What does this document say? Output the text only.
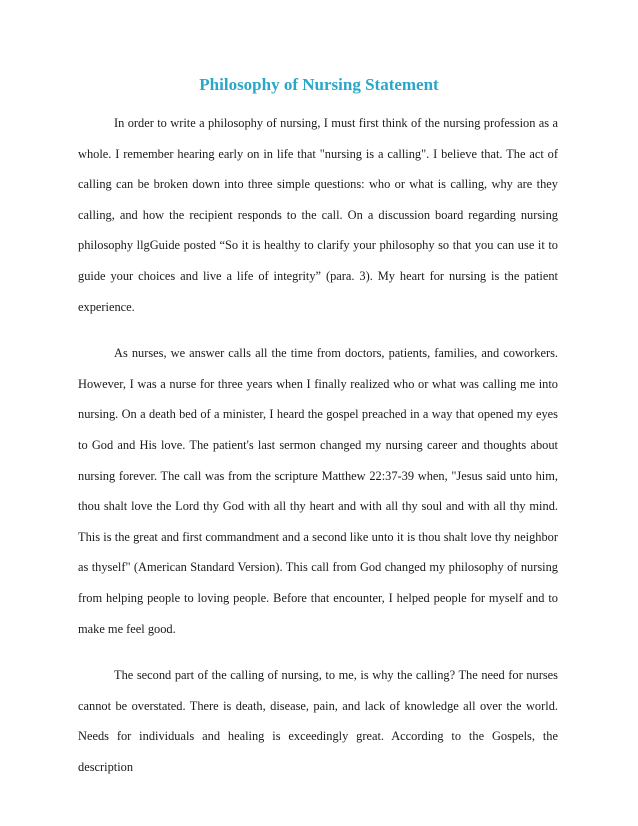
Philosophy of Nursing Statement
In order to write a philosophy of nursing, I must first think of the nursing profession as a
whole. I remember hearing early on in life that "nursing is a calling". I believe that. The act of
calling can be broken down into three simple questions: who or what is calling, why are they
calling, and how the recipient responds to the call. On a discussion board regarding nursing
philosophy llgGuide posted “So it is healthy to clarify your philosophy so that you can use it to
guide your choices and live a life of integrity” (para. 3). My heart for nursing is the patient
experience.
As nurses, we answer calls all the time from doctors, patients, families, and coworkers.
However, I was a nurse for three years when I finally realized who or what was calling me into
nursing. On a death bed of a minister, I heard the gospel preached in a way that opened my eyes
to God and His love. The patient's last sermon changed my nursing career and thoughts about
nursing forever. The call was from the scripture Matthew 22:37-39 when, "Jesus said unto him,
thou shalt love the Lord thy God with all thy heart and with all thy soul and with all thy mind.
This is the great and first commandment and a second like unto it is thou shalt love thy neighbor
as thyself" (American Standard Version). This call from God changed my philosophy of nursing
from helping people to loving people. Before that encounter, I helped people for myself and to
make me feel good.
The second part of the calling of nursing, to me, is why the calling? The need for nurses
cannot be overstated. There is death, disease, pain, and lack of knowledge all over the world.
Needs for individuals and healing is exceedingly great. According to the Gospels, the description
